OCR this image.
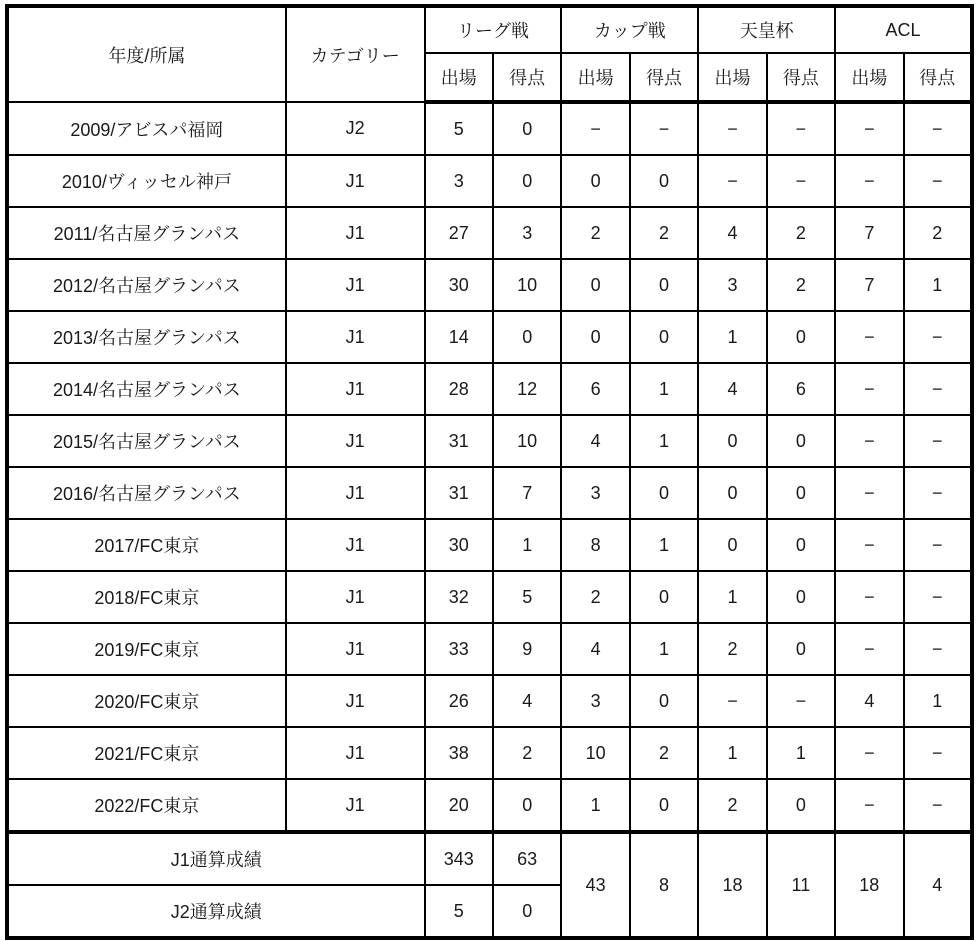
年度/所属	カテゴリー	リーグ戦		カップ戦		天皇杯		ACL	
		出場	得点	出場	得点	出場	得点	出場	得点
2009/アビスパ福岡	J2	5	0	−	−	−	−	−	−
2010/ヴィッセル神戸	J1	3	0	0	0	−	−	−	−
2011/名古屋グランパス	J1	27	3	2	2	4	2	7	2
2012/名古屋グランパス	J1	30	10	0	0	3	2	7	1
2013/名古屋グランパス	J1	14	0	0	0	1	0	−	−
2014/名古屋グランパス	J1	28	12	6	1	4	6	−	−
2015/名古屋グランパス	J1	31	10	4	1	0	0	−	−
2016/名古屋グランパス	J1	31	7	3	0	0	0	−	−
2017/FC東京	J1	30	1	8	1	0	0	−	−
2018/FC東京	J1	32	5	2	0	1	0	−	−
2019/FC東京	J1	33	9	4	1	2	0	−	−
2020/FC東京	J1	26	4	3	0	−	−	4	1
2021/FC東京	J1	38	2	10	2	1	1	−	−
2022/FC東京	J1	20	0	1	0	2	0	−	−
J1通算成績		343	63	43	8	18	11	18	4
J2通算成績		5	0						
